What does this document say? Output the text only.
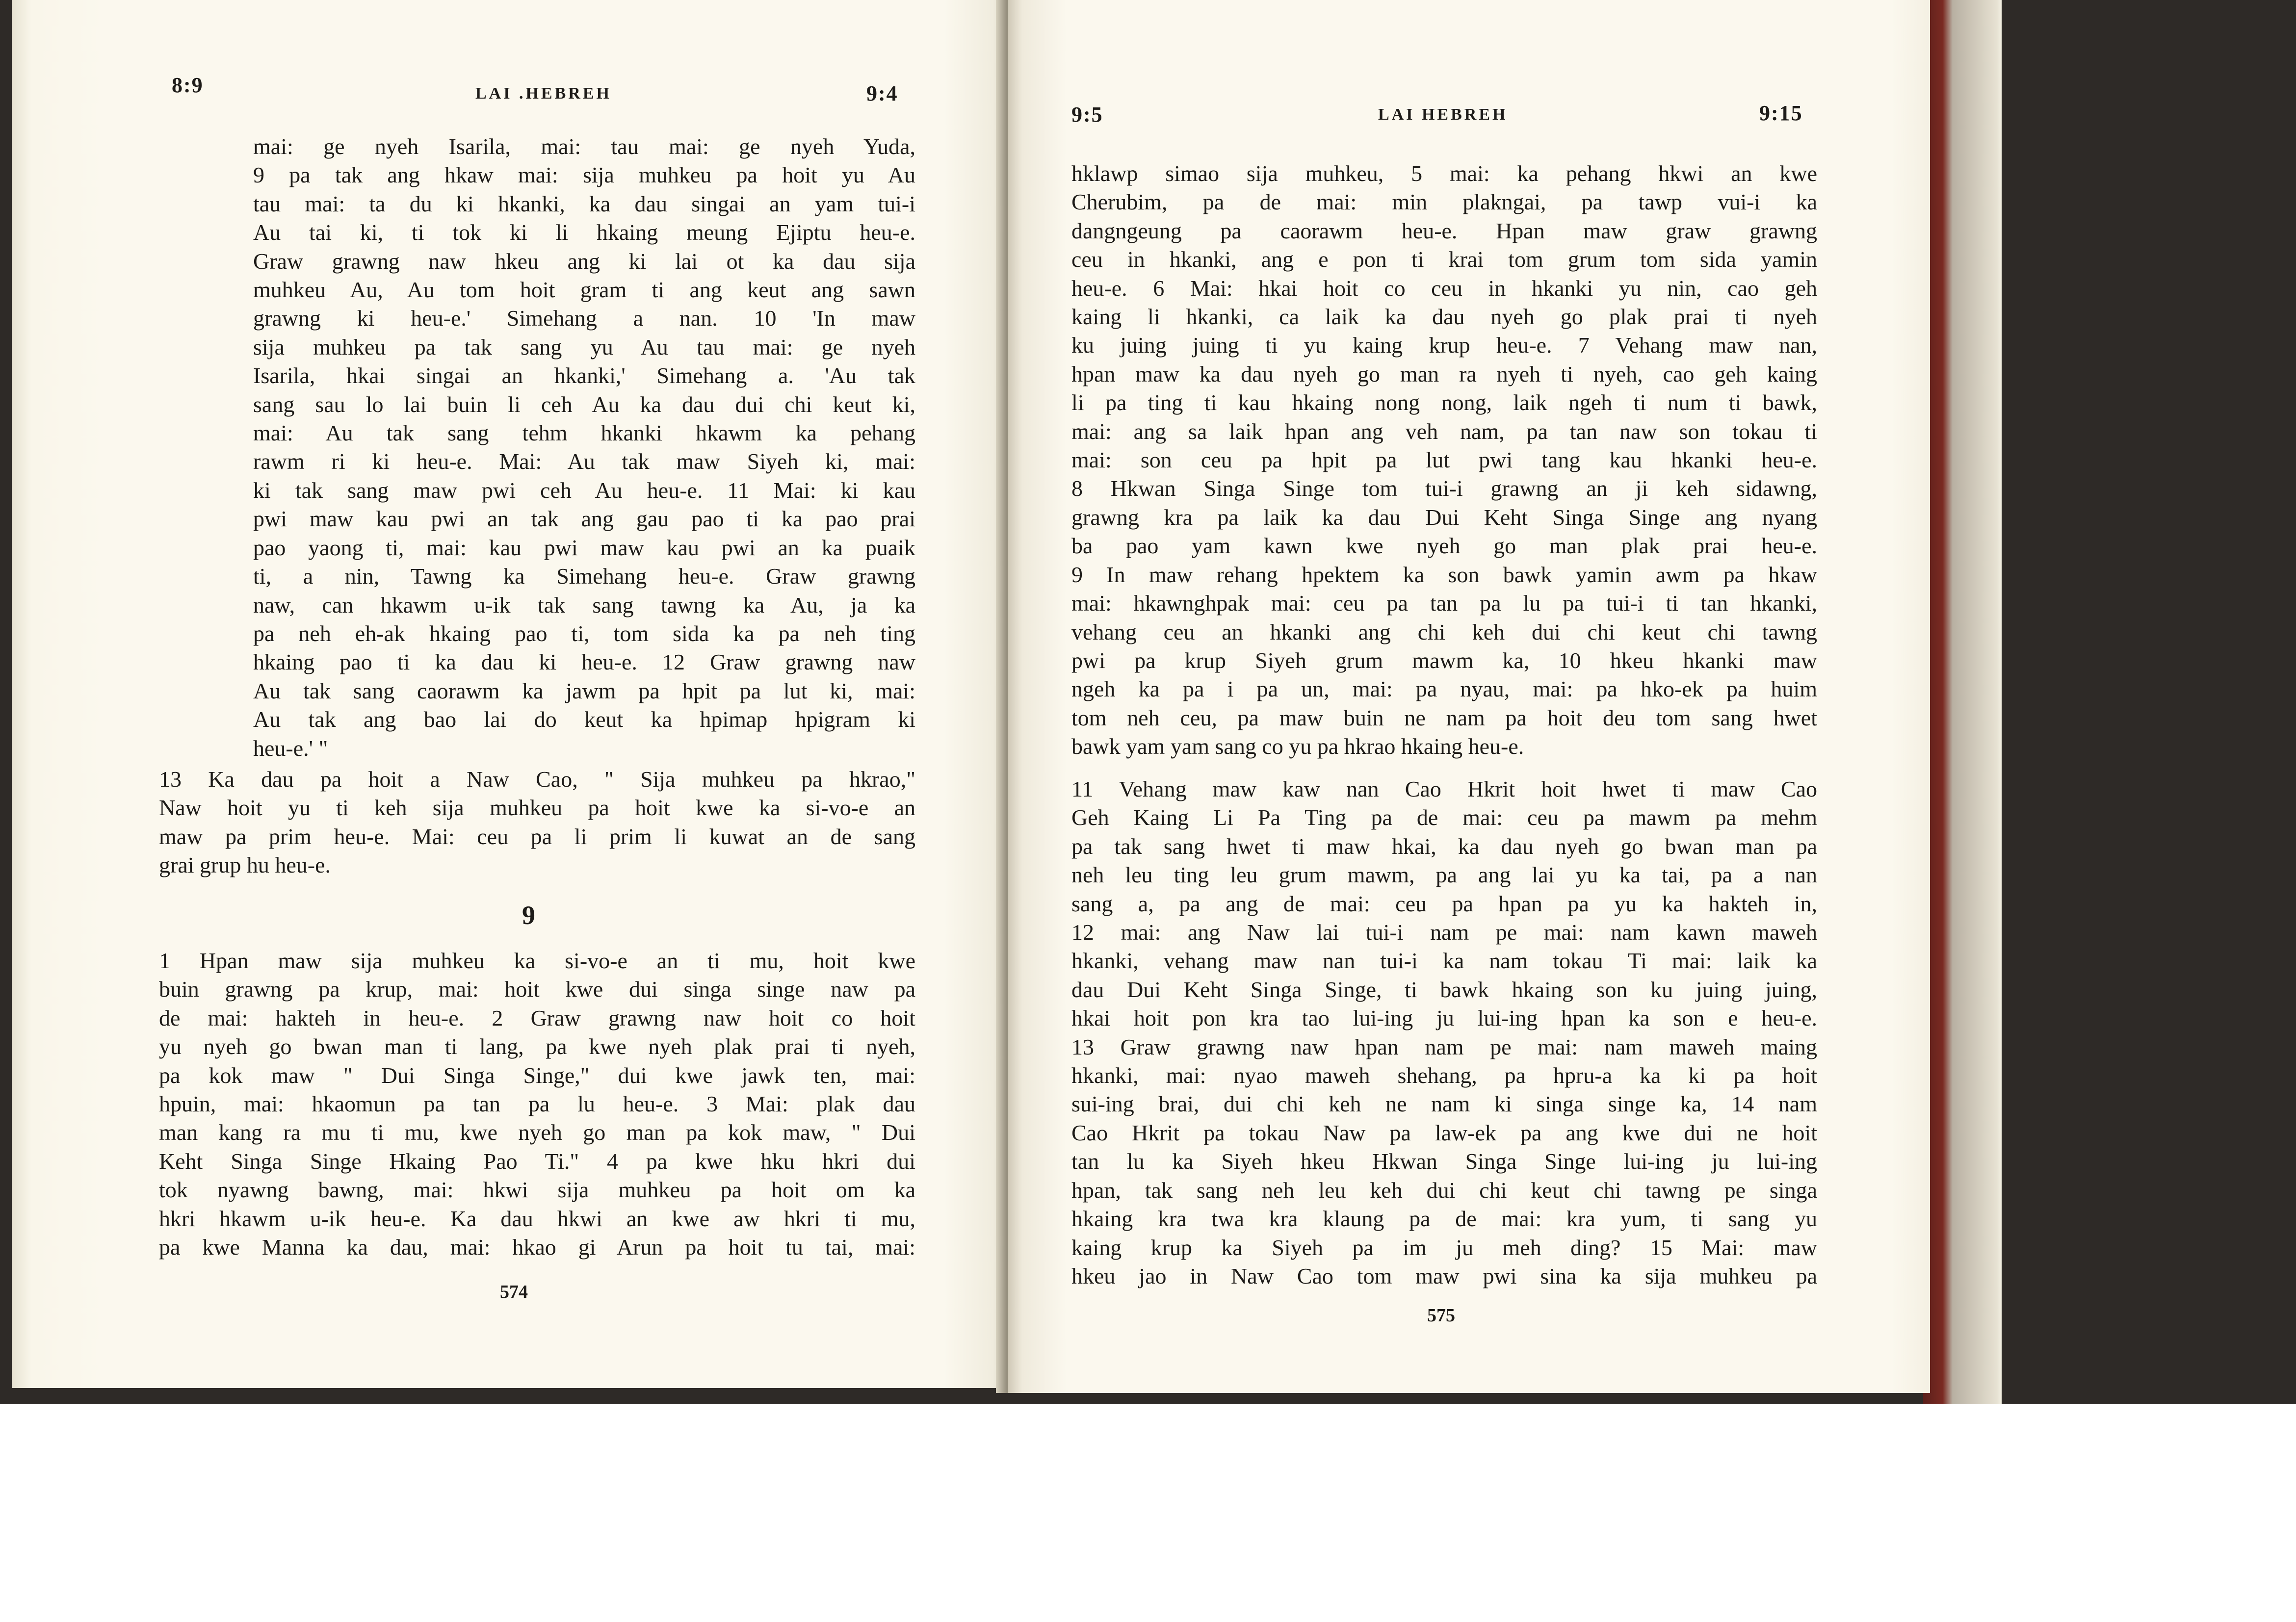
8:9	LAI .HEBREH	9:4
mai: ge nyeh Isarila, mai: tau mai: ge nyeh Yuda,
9 pa tak ang hkaw mai: sija muhkeu pa hoit yu Au
tau mai: ta du ki hkanki, ka dau singai an yam tui-i
Au tai ki, ti tok ki li hkaing meung Ejiptu heu-e.
Graw grawng naw hkeu ang ki lai ot ka dau sija
muhkeu Au, Au tom hoit gram ti ang keut ang sawn
grawng ki heu-e.' Simehang a nan. 10 'In maw
sija muhkeu pa tak sang yu Au tau mai: ge nyeh
Isarila, hkai singai an hkanki,' Simehang a. 'Au tak
sang sau lo lai buin li ceh Au ka dau dui chi keut ki,
mai: Au tak sang tehm hkanki hkawm ka pehang
rawm ri ki heu-e. Mai: Au tak maw Siyeh ki, mai:
ki tak sang maw pwi ceh Au heu-e. 11 Mai: ki kau
pwi maw kau pwi an tak ang gau pao ti ka pao prai
pao yaong ti, mai: kau pwi maw kau pwi an ka puaik
ti, a nin, Tawng ka Simehang heu-e. Graw grawng
naw, can hkawm u-ik tak sang tawng ka Au, ja ka
pa neh eh-ak hkaing pao ti, tom sida ka pa neh ting
hkaing pao ti ka dau ki heu-e. 12 Graw grawng naw
Au tak sang caorawm ka jawm pa hpit pa lut ki, mai:
Au tak ang bao lai do keut ka hpimap hpigram ki
heu-e.' "
13 Ka dau pa hoit a Naw Cao, " Sija muhkeu pa hkrao,"
Naw hoit yu ti keh sija muhkeu pa hoit kwe ka si-vo-e an
maw pa prim heu-e. Mai: ceu pa li prim li kuwat an de sang
grai grup hu heu-e.
9
1 Hpan maw sija muhkeu ka si-vo-e an ti mu, hoit kwe
buin grawng pa krup, mai: hoit kwe dui singa singe naw pa
de mai: hakteh in heu-e. 2 Graw grawng naw hoit co hoit
yu nyeh go bwan man ti lang, pa kwe nyeh plak prai ti nyeh,
pa kok maw " Dui Singa Singe," dui kwe jawk ten, mai:
hpuin, mai: hkaomun pa tan pa lu heu-e. 3 Mai: plak dau
man kang ra mu ti mu, kwe nyeh go man pa kok maw, " Dui
Keht Singa Singe Hkaing Pao Ti." 4 pa kwe hku hkri dui
tok nyawng bawng, mai: hkwi sija muhkeu pa hoit om ka
hkri hkawm u-ik heu-e. Ka dau hkwi an kwe aw hkri ti mu,
pa kwe Manna ka dau, mai: hkao gi Arun pa hoit tu tai, mai:
574
9:5	LAI HEBREH	9:15
hklawp simao sija muhkeu, 5 mai: ka pehang hkwi an kwe
Cherubim, pa de mai: min plakngai, pa tawp vui-i ka
dangngeung pa caorawm heu-e. Hpan maw graw grawng
ceu in hkanki, ang e pon ti krai tom grum tom sida yamin
heu-e. 6 Mai: hkai hoit co ceu in hkanki yu nin, cao geh
kaing li hkanki, ca laik ka dau nyeh go plak prai ti nyeh
ku juing juing ti yu kaing krup heu-e. 7 Vehang maw nan,
hpan maw ka dau nyeh go man ra nyeh ti nyeh, cao geh kaing
li pa ting ti kau hkaing nong nong, laik ngeh ti num ti bawk,
mai: ang sa laik hpan ang veh nam, pa tan naw son tokau ti
mai: son ceu pa hpit pa lut pwi tang kau hkanki heu-e.
8 Hkwan Singa Singe tom tui-i grawng an ji keh sidawng,
grawng kra pa laik ka dau Dui Keht Singa Singe ang nyang
ba pao yam kawn kwe nyeh go man plak prai heu-e.
9 In maw rehang hpektem ka son bawk yamin awm pa hkaw
mai: hkawnghpak mai: ceu pa tan pa lu pa tui-i ti tan hkanki,
vehang ceu an hkanki ang chi keh dui chi keut chi tawng
pwi pa krup Siyeh grum mawm ka, 10 hkeu hkanki maw
ngeh ka pa i pa un, mai: pa nyau, mai: pa hko-ek pa huim
tom neh ceu, pa maw buin ne nam pa hoit deu tom sang hwet
bawk yam yam sang co yu pa hkrao hkaing heu-e.
11 Vehang maw kaw nan Cao Hkrit hoit hwet ti maw Cao
Geh Kaing Li Pa Ting pa de mai: ceu pa mawm pa mehm
pa tak sang hwet ti maw hkai, ka dau nyeh go bwan man pa
neh leu ting leu grum mawm, pa ang lai yu ka tai, pa a nan
sang a, pa ang de mai: ceu pa hpan pa yu ka hakteh in,
12 mai: ang Naw lai tui-i nam pe mai: nam kawn maweh
hkanki, vehang maw nan tui-i ka nam tokau Ti mai: laik ka
dau Dui Keht Singa Singe, ti bawk hkaing son ku juing juing,
hkai hoit pon kra tao lui-ing ju lui-ing hpan ka son e heu-e.
13 Graw grawng naw hpan nam pe mai: nam maweh maing
hkanki, mai: nyao maweh shehang, pa hpru-a ka ki pa hoit
sui-ing brai, dui chi keh ne nam ki singa singe ka, 14 nam
Cao Hkrit pa tokau Naw pa law-ek pa ang kwe dui ne hoit
tan lu ka Siyeh hkeu Hkwan Singa Singe lui-ing ju lui-ing
hpan, tak sang neh leu keh dui chi keut chi tawng pe singa
hkaing kra twa kra klaung pa de mai: kra yum, ti sang yu
kaing krup ka Siyeh pa im ju meh ding? 15 Mai: maw
hkeu jao in Naw Cao tom maw pwi sina ka sija muhkeu pa
575
